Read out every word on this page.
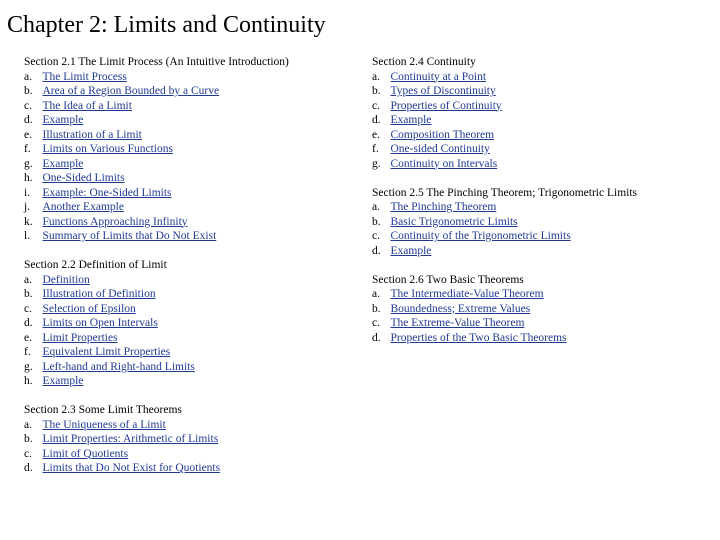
Chapter 2: Limits and Continuity
Section 2.1 The Limit Process (An Intuitive Introduction)
a. The Limit Process
b. Area of a Region Bounded by a Curve
c. The Idea of a Limit
d. Example
e. Illustration of a Limit
f.	Limits on Various Functions
g. Example
h. One-Sided Limits
i.	Example: One-Sided Limits
j.	Another Example
k. Functions Approaching Infinity
l.	Summary of Limits that Do Not Exist
Section 2.2 Definition of Limit
a. Definition
b. Illustration of Definition
c. Selection of Epsilon
d. Limits on Open Intervals
e. Limit Properties
f.	Equivalent Limit Properties
g. Left-hand and Right-hand Limits
h. Example
Section 2.3 Some Limit Theorems
a. The Uniqueness of a Limit
b. Limit Properties: Arithmetic of Limits
c. Limit of Quotients
d. Limits that Do Not Exist for Quotients
Section 2.4 Continuity
a. Continuity at a Point
b. Types of Discontinuity
c. Properties of Continuity
d. Example
e. Composition Theorem
f.	One-sided Continuity
g. Continuity on Intervals
Section 2.5 The Pinching Theorem; Trigonometric Limits
a. The Pinching Theorem
b. Basic Trigonometric Limits
c. Continuity of the Trigonometric Limits
d. Example
Section 2.6 Two Basic Theorems
a. The Intermediate-Value Theorem
b. Boundedness; Extreme Values
c. The Extreme-Value Theorem
d. Properties of the Two Basic Theorems
